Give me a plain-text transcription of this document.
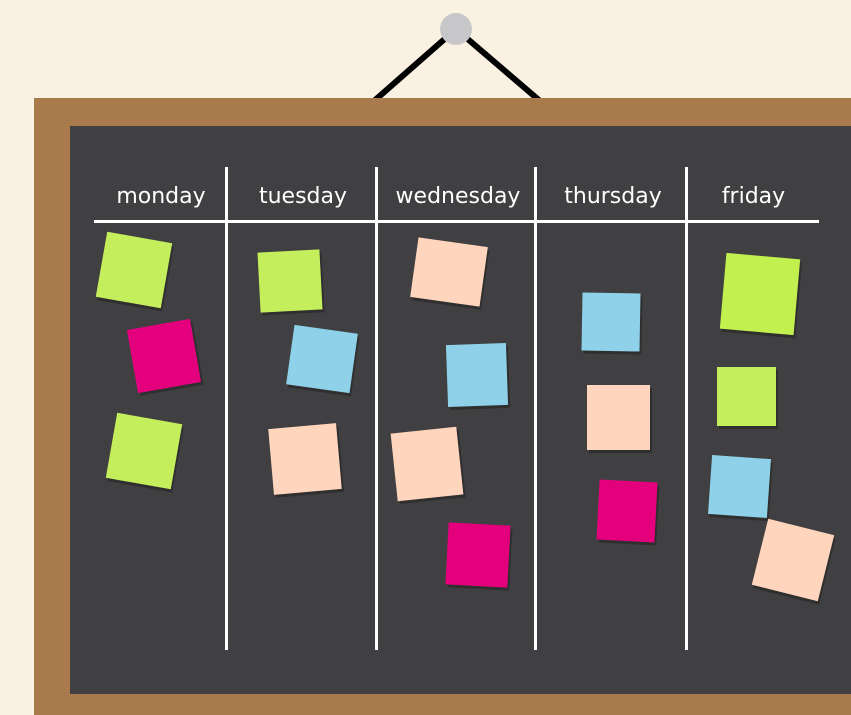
monday	tuesday	wednesday	thursday	friday
